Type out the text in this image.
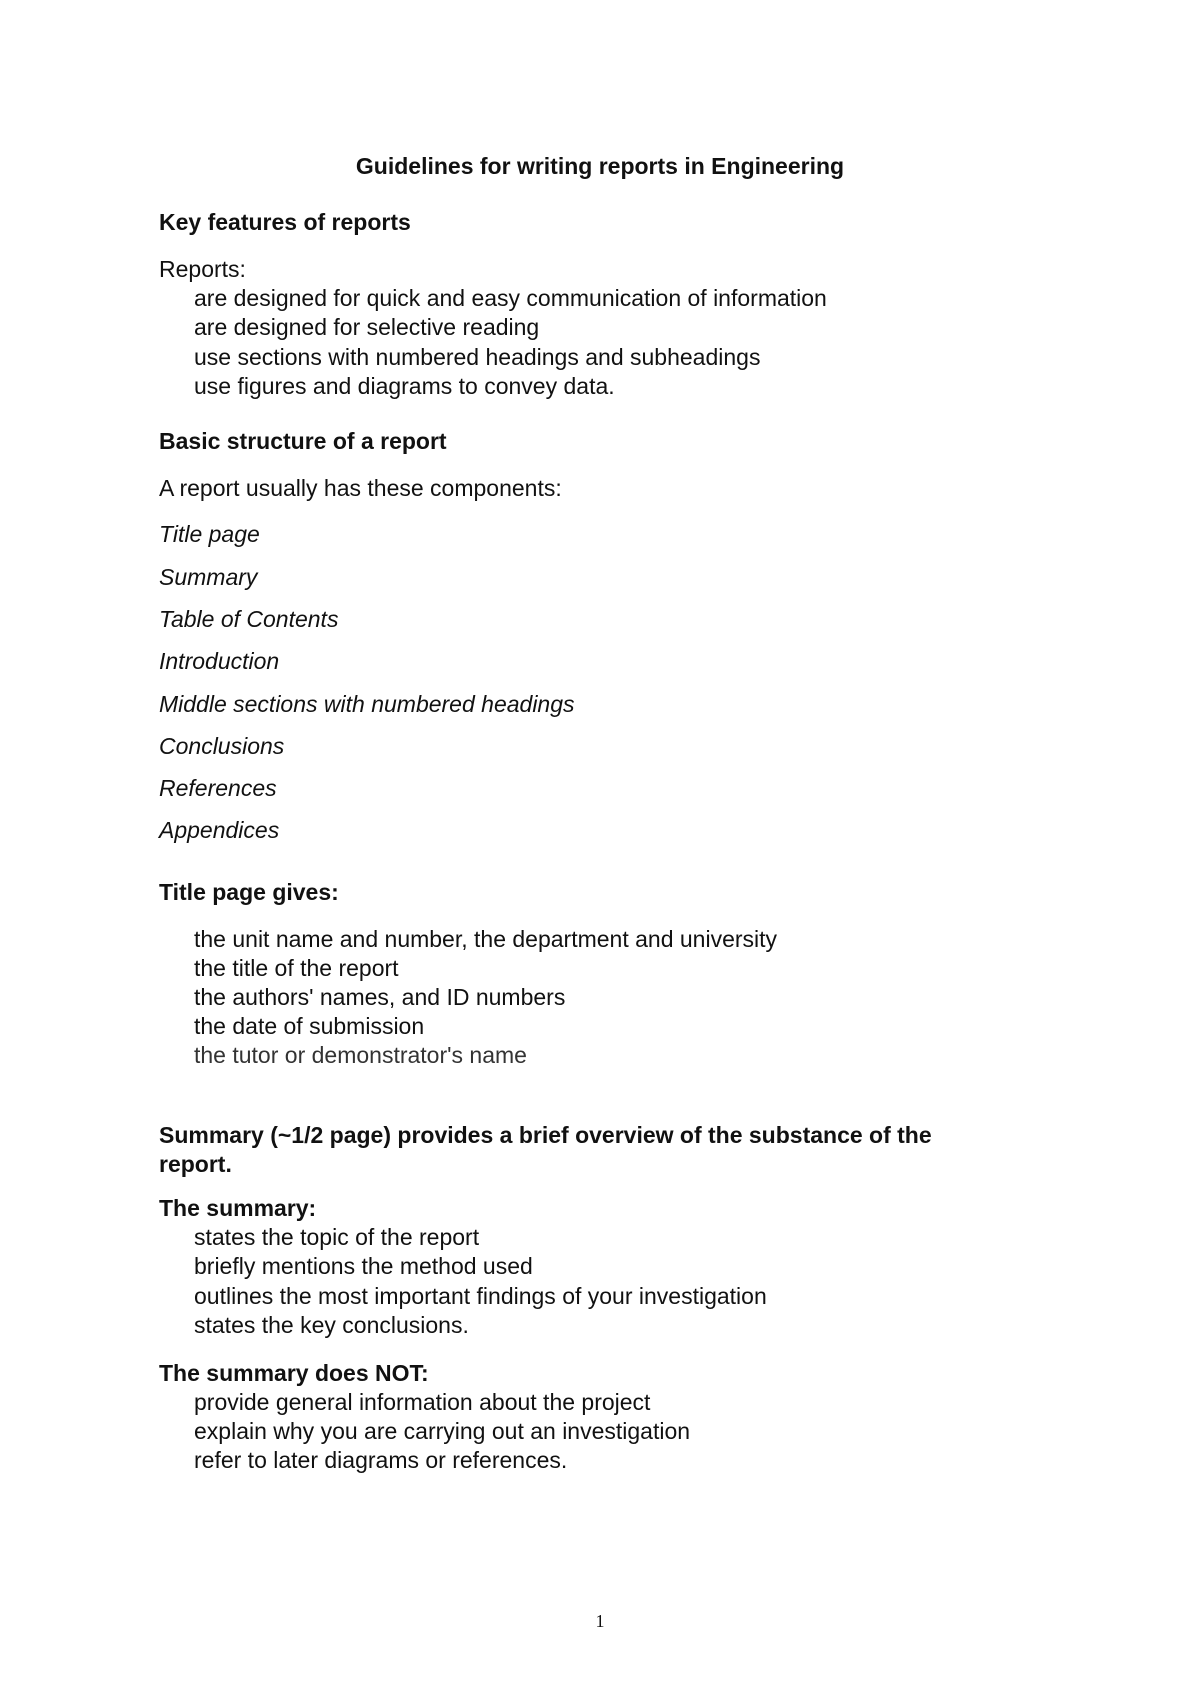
Guidelines for writing reports in Engineering

Key features of reports

Reports:

are designed for quick and easy communication of information

are designed for selective reading

use sections with numbered headings and subheadings

use figures and diagrams to convey data.

Basic structure of a report

A report usually has these components:

Title page

Summary

Table of Contents

Introduction

Middle sections with numbered headings

Conclusions

References

Appendices

Title page gives:

the unit name and number, the department and university

the title of the report

the authors' names, and ID numbers

the date of submission

the tutor or demonstrator's name

Summary (~1/2 page) provides a brief overview of the substance of the report.

The summary:

states the topic of the report

briefly mentions the method used

outlines the most important findings of your investigation

states the key conclusions.

The summary does NOT:

provide general information about the project

explain why you are carrying out an investigation

refer to later diagrams or references.

1
